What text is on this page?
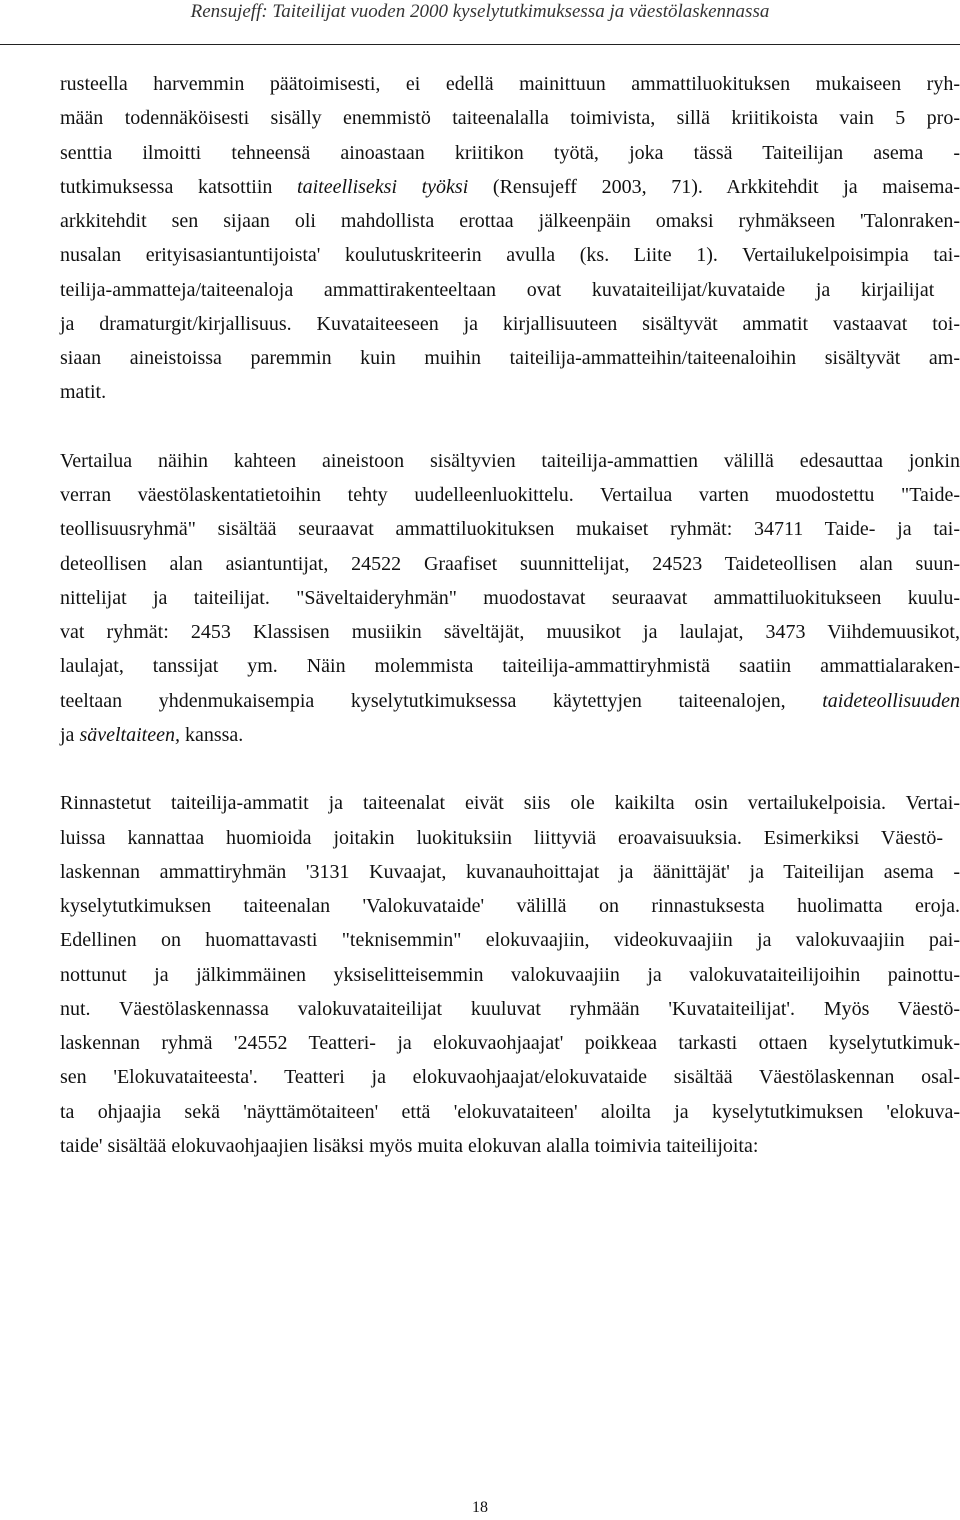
Rensujeff: Taiteilijat vuoden 2000 kyselytutkimuksessa ja väestölaskennassa
rusteella harvemmin päätoimisesti, ei edellä mainittuun ammattiluokituksen mukaiseen ryh-
mään todennäköisesti sisälly enemmistö taiteenalalla toimivista, sillä kriitikoista vain 5 pro-
senttia ilmoitti tehneensä ainoastaan kriitikon työtä, joka tässä Taiteilijan asema -
tutkimuksessa katsottiin taiteelliseksi työksi (Rensujeff 2003, 71). Arkkitehdit ja maisema-
arkkitehdit sen sijaan oli mahdollista erottaa jälkeenpäin omaksi ryhmäkseen 'Talonraken-
nusalan erityisasiantuntijoista' koulutuskriteerin avulla (ks. Liite 1). Vertailukelpoisimpia tai-
teilija-ammatteja/taiteenaloja ammattirakenteeltaan ovat kuvataiteilijat/kuvataide ja kirjailijat
ja dramaturgit/kirjallisuus. Kuvataiteeseen ja kirjallisuuteen sisältyvät ammatit vastaavat toi-
siaan aineistoissa paremmin kuin muihin taiteilija-ammatteihin/taiteenaloihin sisältyvät am-
matit.
Vertailua näihin kahteen aineistoon sisältyvien taiteilija-ammattien välillä edesauttaa jonkin
verran väestölaskentatietoihin tehty uudelleenluokittelu. Vertailua varten muodostettu "Taide-
teollisuusryhmä" sisältää seuraavat ammattiluokituksen mukaiset ryhmät: 34711 Taide- ja tai-
deteollisen alan asiantuntijat, 24522 Graafiset suunnittelijat, 24523 Taideteollisen alan suun-
nittelijat ja taiteilijat. "Säveltaideryhmän" muodostavat seuraavat ammattiluokitukseen kuulu-
vat ryhmät: 2453 Klassisen musiikin säveltäjät, muusikot ja laulajat, 3473 Viihdemuusikot,
laulajat, tanssijat ym. Näin molemmista taiteilija-ammattiryhmistä saatiin ammattialaraken-
teeltaan yhdenmukaisempia kyselytutkimuksessa käytettyjen taiteenalojen, taideteollisuuden
ja säveltaiteen, kanssa.
Rinnastetut taiteilija-ammatit ja taiteenalat eivät siis ole kaikilta osin vertailukelpoisia. Vertai-
luissa kannattaa huomioida joitakin luokituksiin liittyviä eroavaisuuksia. Esimerkiksi Väestö-
laskennan ammattiryhmän '3131 Kuvaajat, kuvanauhoittajat ja äänittäjät' ja Taiteilijan asema -
kyselytutkimuksen taiteenalan 'Valokuvataide' välillä on rinnastuksesta huolimatta eroja.
Edellinen on huomattavasti "teknisemmin" elokuvaajiin, videokuvaajiin ja valokuvaajiin pai-
nottunut ja jälkimmäinen yksiselitteisemmin valokuvaajiin ja valokuvataiteilijoihin painottu-
nut. Väestölaskennassa valokuvataiteilijat kuuluvat ryhmään 'Kuvataiteilijat'. Myös Väestö-
laskennan ryhmä '24552 Teatteri- ja elokuvaohjaajat' poikkeaa tarkasti ottaen kyselytutkimuk-
sen 'Elokuvataiteesta'. Teatteri ja elokuvaohjaajat/elokuvataide sisältää Väestölaskennan osal-
ta ohjaajia sekä 'näyttämötaiteen' että 'elokuvataiteen' aloilta ja kyselytutkimuksen 'elokuva-
taide' sisältää elokuvaohjaajien lisäksi myös muita elokuvan alalla toimivia taiteilijoita:
18
